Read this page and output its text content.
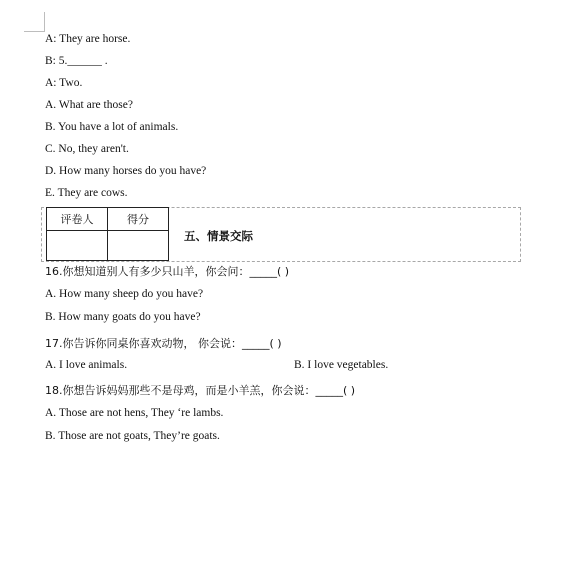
A: They are horse.
B: 5.______ .
A: Two.
A. What are those?
B. You have a lot of animals.
C. No, they aren't.
D. How many horses do you have?
E. They are cows.
评卷人	得分

五、情景交际
16.你想知道别人有多少只山羊，你会问：_____( )
A. How many sheep do you have?
B. How many goats do you have?
17.你告诉你同桌你喜欢动物， 你会说：_____( )
A. I love animals.	B. I love vegetables.
18.你想告诉妈妈那些不是母鸡，而是小羊羔，你会说：_____( )
A. Those are not hens, They ‘re lambs.
B. Those are not goats, They’re goats.
